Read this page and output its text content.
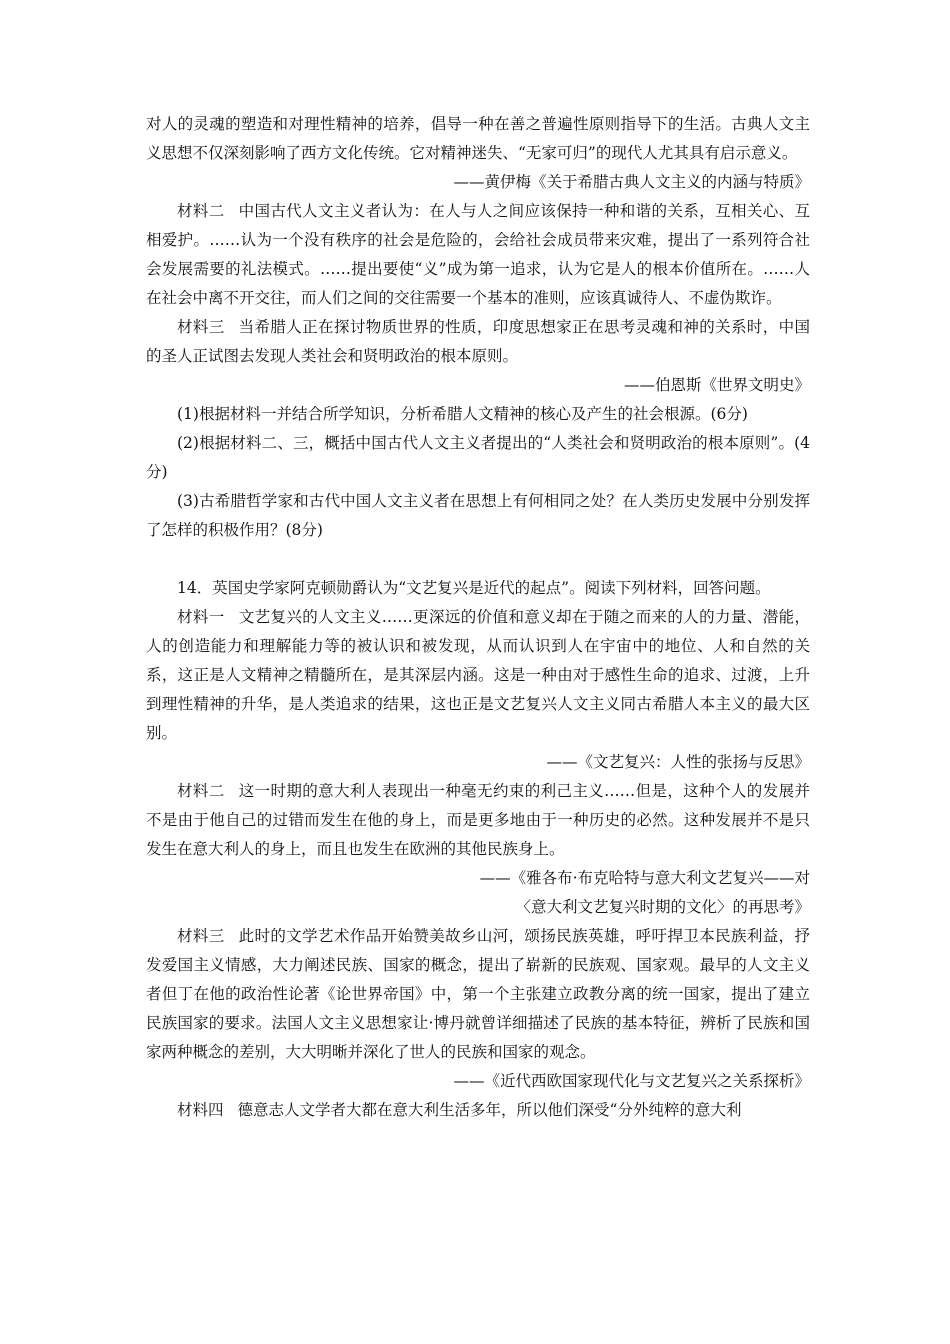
对人的灵魂的塑造和对理性精神的培养，倡导一种在善之普遍性原则指导下的生活。古典人文主义思想不仅深刻影响了西方文化传统。它对精神迷失、“无家可归”的现代人尤其具有启示意义。

——黄伊梅《关于希腊古典人文主义的内涵与特质》

材料二 中国古代人文主义者认为：在人与人之间应该保持一种和谐的关系，互相关心、互相爱护。……认为一个没有秩序的社会是危险的，会给社会成员带来灾难，提出了一系列符合社会发展需要的礼法模式。……提出要使“义”成为第一追求，认为它是人的根本价值所在。……人在社会中离不开交往，而人们之间的交往需要一个基本的准则，应该真诚待人、不虚伪欺诈。

材料三 当希腊人正在探讨物质世界的性质，印度思想家正在思考灵魂和神的关系时，中国的圣人正试图去发现人类社会和贤明政治的根本原则。

——伯恩斯《世界文明史》

(1)根据材料一并结合所学知识，分析希腊人文精神的核心及产生的社会根源。(6分)

(2)根据材料二、三，概括中国古代人文主义者提出的“人类社会和贤明政治的根本原则”。(4分)

(3)古希腊哲学家和古代中国人文主义者在思想上有何相同之处？在人类历史发展中分别发挥了怎样的积极作用？(8分)

14．英国史学家阿克顿勋爵认为“文艺复兴是近代的起点”。阅读下列材料，回答问题。

材料一 文艺复兴的人文主义……更深远的价值和意义却在于随之而来的人的力量、潜能，人的创造能力和理解能力等的被认识和被发现，从而认识到人在宇宙中的地位、人和自然的关系，这正是人文精神之精髓所在，是其深层内涵。这是一种由对于感性生命的追求、过渡，上升到理性精神的升华，是人类追求的结果，这也正是文艺复兴人文主义同古希腊人本主义的最大区别。

——《文艺复兴：人性的张扬与反思》

材料二 这一时期的意大利人表现出一种毫无约束的利己主义……但是，这种个人的发展并不是由于他自己的过错而发生在他的身上，而是更多地由于一种历史的必然。这种发展并不是只发生在意大利人的身上，而且也发生在欧洲的其他民族身上。

——《雅各布·布克哈特与意大利文艺复兴——对

〈意大利文艺复兴时期的文化〉的再思考》

材料三 此时的文学艺术作品开始赞美故乡山河，颂扬民族英雄，呼吁捍卫本民族利益，抒发爱国主义情感，大力阐述民族、国家的概念，提出了崭新的民族观、国家观。最早的人文主义者但丁在他的政治性论著《论世界帝国》中，第一个主张建立政教分离的统一国家，提出了建立民族国家的要求。法国人文主义思想家让·博丹就曾详细描述了民族的基本特征，辨析了民族和国家两种概念的差别，大大明晰并深化了世人的民族和国家的观念。

——《近代西欧国家现代化与文艺复兴之关系探析》

材料四 德意志人文学者大都在意大利生活多年，所以他们深受“分外纯粹的意大利
